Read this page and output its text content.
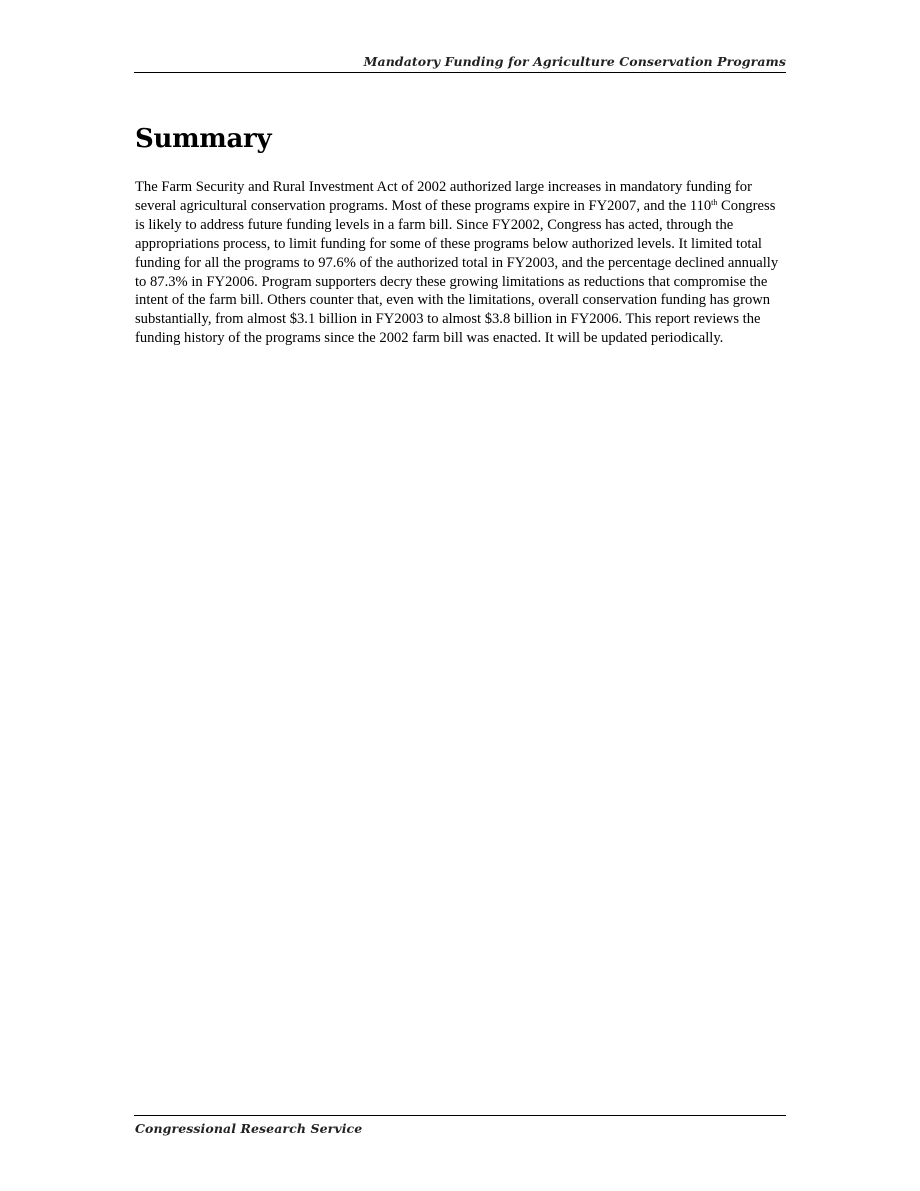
Mandatory Funding for Agriculture Conservation Programs
Summary

The Farm Security and Rural Investment Act of 2002 authorized large increases in mandatory funding for several agricultural conservation programs. Most of these programs expire in FY2007, and the 110th Congress is likely to address future funding levels in a farm bill. Since FY2002, Congress has acted, through the appropriations process, to limit funding for some of these programs below authorized levels. It limited total funding for all the programs to 97.6% of the authorized total in FY2003, and the percentage declined annually to 87.3% in FY2006. Program supporters decry these growing limitations as reductions that compromise the intent of the farm bill. Others counter that, even with the limitations, overall conservation funding has grown substantially, from almost $3.1 billion in FY2003 to almost $3.8 billion in FY2006. This report reviews the funding history of the programs since the 2002 farm bill was enacted. It will be updated periodically.

Congressional Research Service
